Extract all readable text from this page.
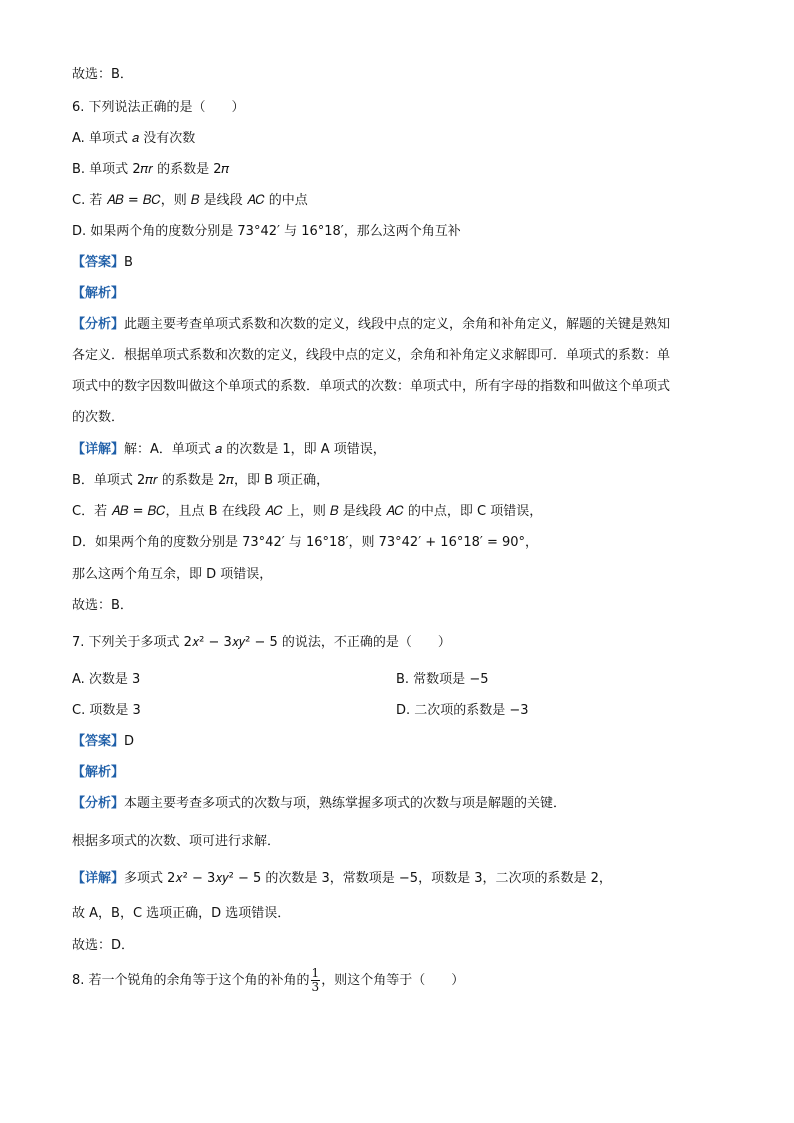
故选：B．
6. 下列说法正确的是（　　）
A. 单项式 𝑎 没有次数
B. 单项式 2𝜋𝑟 的系数是 2𝜋
C. 若 𝐴𝐵 = 𝐵𝐶，则 𝐵 是线段 𝐴𝐶 的中点
D. 如果两个角的度数分别是 73°42′ 与 16°18′，那么这两个角互补
【答案】B
【解析】
【分析】此题主要考查单项式系数和次数的定义，线段中点的定义，余角和补角定义，解题的关键是熟知
各定义．根据单项式系数和次数的定义，线段中点的定义，余角和补角定义求解即可．单项式的系数：单
项式中的数字因数叫做这个单项式的系数．单项式的次数：单项式中，所有字母的指数和叫做这个单项式
的次数．
【详解】解：A．单项式 𝑎 的次数是 1，即 A 项错误，
B．单项式 2𝜋𝑟 的系数是 2𝜋，即 B 项正确，
C．若 𝐴𝐵 = 𝐵𝐶，且点 B 在线段 𝐴𝐶 上，则 𝐵 是线段 𝐴𝐶 的中点，即 C 项错误，
D．如果两个角的度数分别是 73°42′ 与 16°18′，则 73°42′ + 16°18′ = 90°，
那么这两个角互余，即 D 项错误，
故选：B．
7. 下列关于多项式 2𝑥² − 3𝑥𝑦² − 5 的说法，不正确的是（　　）
A. 次数是 3	B. 常数项是 −5
C. 项数是 3	D. 二次项的系数是 −3
【答案】D
【解析】
【分析】本题主要考查多项式的次数与项，熟练掌握多项式的次数与项是解题的关键．
根据多项式的次数、项可进行求解．
【详解】多项式 2𝑥² − 3𝑥𝑦² − 5 的次数是 3，常数项是 −5，项数是 3，二次项的系数是 2，
故 A，B，C 选项正确，D 选项错误．
故选：D．
8. 若一个锐角的余角等于这个角的补角的 $\frac{1}{3}$ ，则这个角等于（　　）
